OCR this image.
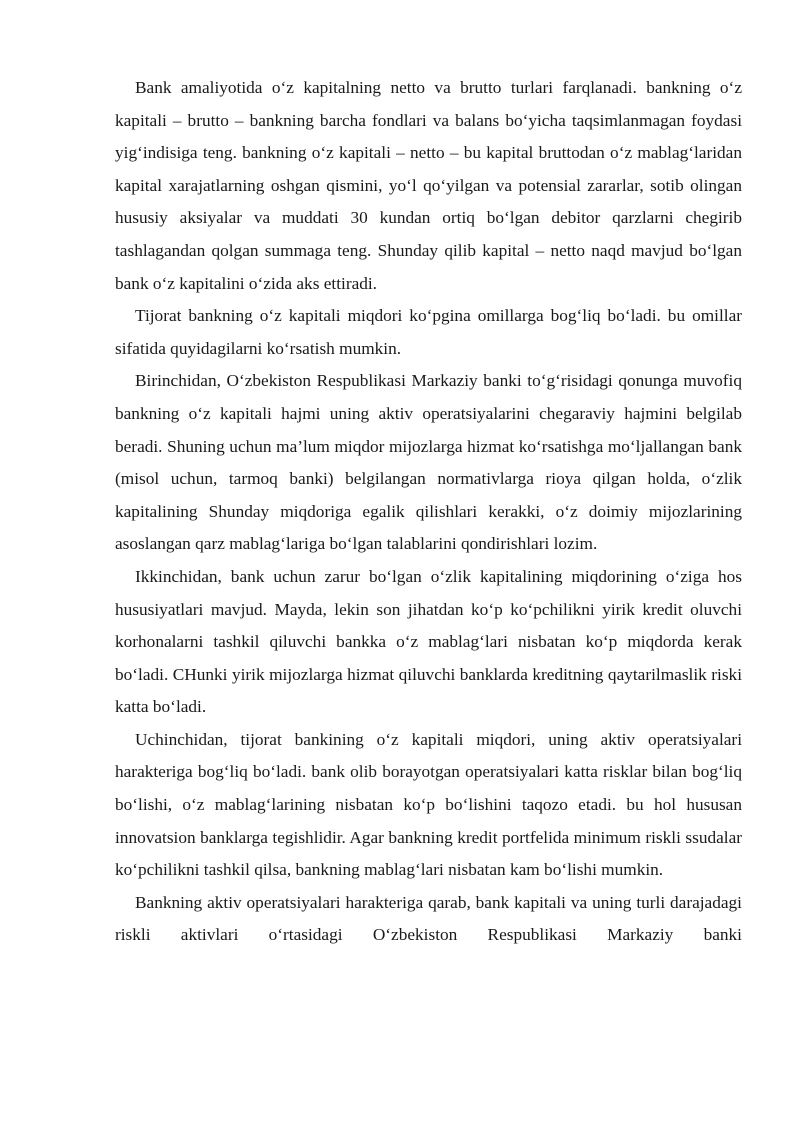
Bank amaliyotida o‘z kapitalning netto va brutto turlari farqlanadi. bankning o‘z kapitali – brutto – bankning barcha fondlari va balans bo‘yicha taqsimlanmagan foydasi yig‘indisiga teng. bankning o‘z kapitali – netto – bu kapital bruttodan o‘z mablag‘laridan kapital xarajatlarning oshgan qismini, yo‘l qo‘yilgan va potensial zararlar, sotib olingan hususiy aksiyalar va muddati 30 kundan ortiq bo‘lgan debitor qarzlarni chegirib tashlagandan qolgan summaga teng. Shunday qilib kapital – netto naqd mavjud bo‘lgan bank o‘z kapitalini o‘zida aks ettiradi.

Tijorat bankning o‘z kapitali miqdori ko‘pgina omillarga bog‘liq bo‘ladi. bu omillar sifatida quyidagilarni ko‘rsatish mumkin.

Birinchidan, O‘zbekiston Respublikasi Markaziy banki to‘g‘risidagi qonunga muvofiq bankning o‘z kapitali hajmi uning aktiv operatsiyalarini chegaraviy hajmini belgilab beradi. Shuning uchun ma’lum miqdor mijozlarga hizmat ko‘rsatishga mo‘ljallangan bank (misol uchun, tarmoq banki) belgilangan normativlarga rioya qilgan holda, o‘zlik kapitalining Shunday miqdoriga egalik qilishlari kerakki, o‘z doimiy mijozlarining asoslangan qarz mablag‘lariga bo‘lgan talablarini qondirishlari lozim.

Ikkinchidan, bank uchun zarur bo‘lgan o‘zlik kapitalining miqdorining o‘ziga hos hususiyatlari mavjud. Mayda, lekin son jihatdan ko‘p ko‘pchilikni yirik kredit oluvchi korhonalarni tashkil qiluvchi bankka o‘z mablag‘lari nisbatan ko‘p miqdorda kerak bo‘ladi. CHunki yirik mijozlarga hizmat qiluvchi banklarda kreditning qaytarilmaslik riski katta bo‘ladi.

Uchinchidan, tijorat bankining o‘z kapitali miqdori, uning aktiv operatsiyalari harakteriga bog‘liq bo‘ladi. bank olib borayotgan operatsiyalari katta risklar bilan bog‘liq bo‘lishi, o‘z mablag‘larining nisbatan ko‘p bo‘lishini taqozo etadi. bu hol hususan innovatsion banklarga tegishlidir. Agar bankning kredit portfelida minimum riskli ssudalar ko‘pchilikni tashkil qilsa, bankning mablag‘lari nisbatan kam bo‘lishi mumkin.

Bankning aktiv operatsiyalari harakteriga qarab, bank kapitali va uning turli darajadagi riskli aktivlari o‘rtasidagi O‘zbekiston Respublikasi Markaziy banki
